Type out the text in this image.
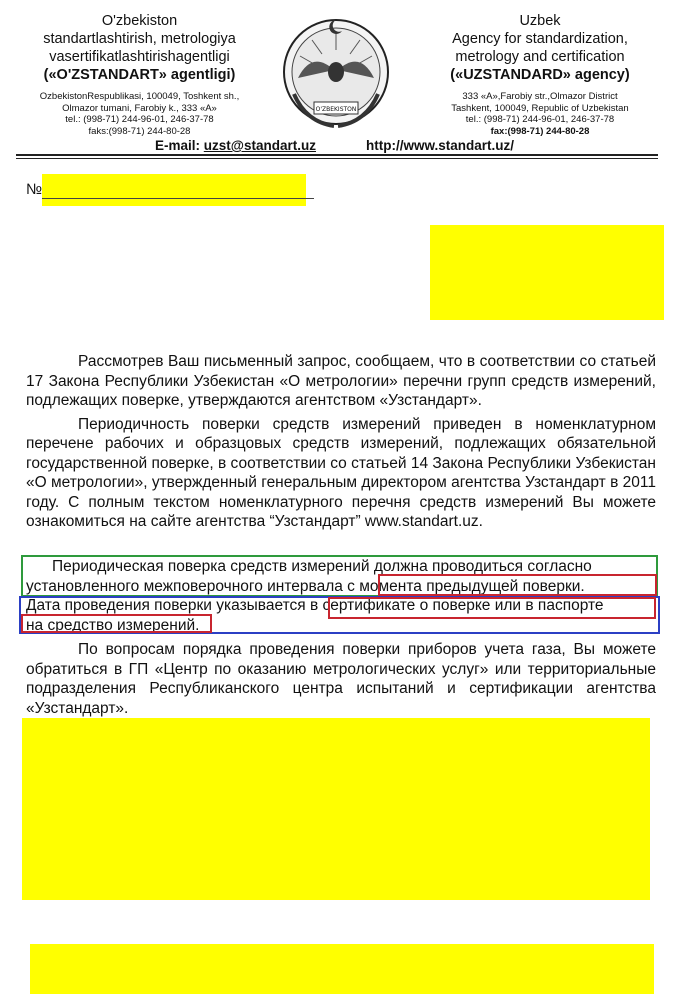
O'zbekiston
standartlashtirish, metrologiya
vasertifikatlashtirishagentligi
(«O'ZSTANDART» agentligi)
OzbekistonRespublikasi, 100049, Toshkent sh.,
Olmazor tumani, Farobiy k., 333 «A»
tel.: (998-71) 244-96-01, 246-37-78
faks:(998-71) 244-80-28
O'ZBEKISTON
Uzbek
Agency for standardization,
metrology and certification
(«UZSTANDARD» agency)
333 «A»,Farobiy str.,Olmazor District
Tashkent, 100049, Republic of Uzbekistan
tel.: (998-71) 244-96-01, 246-37-78
fax:(998-71) 244-80-28
E-mail: uzst@standart.uz	http://www.standart.uz/
№
Рассмотрев Ваш письменный запрос, сообщаем, что в соответствии со статьей 17 Закона Республики Узбекистан «О метрологии» перечни групп средств измерений, подлежащих поверке, утверждаются агентством «Узстандарт».
Периодичность поверки средств измерений приведен в номенклатурном перечене рабочих и образцовых средств измерений, подлежащих обязательной государственной поверке, в соответствии со статьей 14 Закона Республики Узбекистан «О метрологии», утвержденный генеральным директором агентства Узстандарт в 2011 году. С полным текстом номенклатурного перечня средств измерений Вы можете ознакомиться на сайте агентства “Узстандарт” www.standart.uz.
Периодическая поверка средств измерений должна проводиться согласно
установленного межповерочного интервала с момента предыдущей поверки.
Дата проведения поверки указывается в сертификате о поверке или в паспорте
на средство измерений.
По вопросам порядка проведения поверки приборов учета газа, Вы можете обратиться в ГП «Центр по оказанию метрологических услуг» или территориальные подразделения Республиканского центра испытаний и сертификации агентства «Узстандарт».
